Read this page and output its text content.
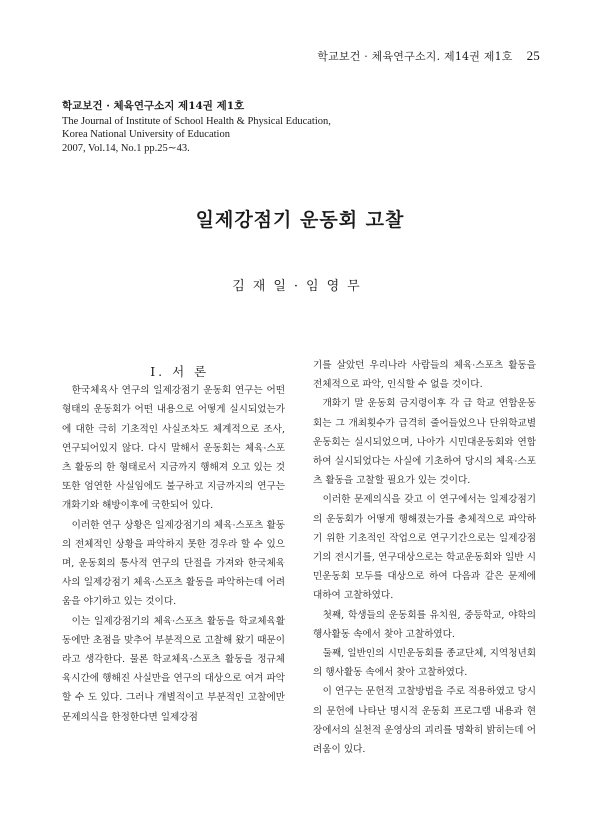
학교보건 · 체육연구소지. 제14권 제1호 25
학교보건 · 체육연구소지 제14권 제1호
The Journal of Institute of School Health & Physical Education,
Korea National University of Education
2007, Vol.14, No.1 pp.25∼43.
일제강점기 운동회 고찰
김재일·임영무

Ⅰ. 서 론

한국체육사 연구의 일제강점기 운동회 연구는 어떤 형태의 운동회가 어떤 내용으로 어떻게 실시되었는가에 대한 극히 기초적인 사실조차도 체계적으로 조사, 연구되어있지 않다. 다시 말해서 운동회는 체육·스포츠 활동의 한 형태로서 지금까지 행해져 오고 있는 것 또한 엄연한 사실임에도 불구하고 지금까지의 연구는 개화기와 해방이후에 국한되어 있다.

이러한 연구 상황은 일제강점기의 체육·스포츠 활동의 전체적인 상황을 파악하지 못한 경우라 할 수 있으며, 운동회의 통사적 연구의 단절을 가져와 한국체육사의 일제강점기 체육·스포츠 활동을 파악하는데 어려움을 야기하고 있는 것이다.

이는 일제강점기의 체육·스포츠 활동을 학교체육활동에만 초점을 맞추어 부분적으로 고찰해 왔기 때문이라고 생각한다. 물론 학교체육·스포츠 활동을 정규체육시간에 행해진 사실만을 연구의 대상으로 여겨 파악할 수 도 있다. 그러나 개별적이고 부분적인 고찰에만 문제의식을 한정한다면 일제강점

기를 살았던 우리나라 사람들의 체육·스포츠 활동을 전체적으로 파악, 인식할 수 없을 것이다.

개화기 말 운동회 금지령이후 각 급 학교 연합운동회는 그 개최횟수가 급격히 줄어들었으나 단위학교별 운동회는 실시되었으며, 나아가 시민대운동회와 연합하여 실시되었다는 사실에 기초하여 당시의 체육·스포츠 활동을 고찰할 필요가 있는 것이다.

이러한 문제의식을 갖고 이 연구에서는 일제강점기의 운동회가 어떻게 행해졌는가를 총체적으로 파악하기 위한 기초적인 작업으로 연구기간으로는 일제강점기의 전시기를, 연구대상으로는 학교운동회와 일반 시민운동회 모두를 대상으로 하여 다음과 같은 문제에 대하여 고찰하였다.

첫째, 학생들의 운동회를 유치원, 중등학교, 야학의 행사활동 속에서 찾아 고찰하였다.

둘째, 일반인의 시민운동회를 종교단체, 지역청년회의 행사활동 속에서 찾아 고찰하였다.

이 연구는 문헌적 고찰방법을 주로 적용하였고 당시의 문헌에 나타난 명시적 운동회 프로그램 내용과 현장에서의 실천적 운영상의 괴리를 명확히 밝히는데 어려움이 있다.
